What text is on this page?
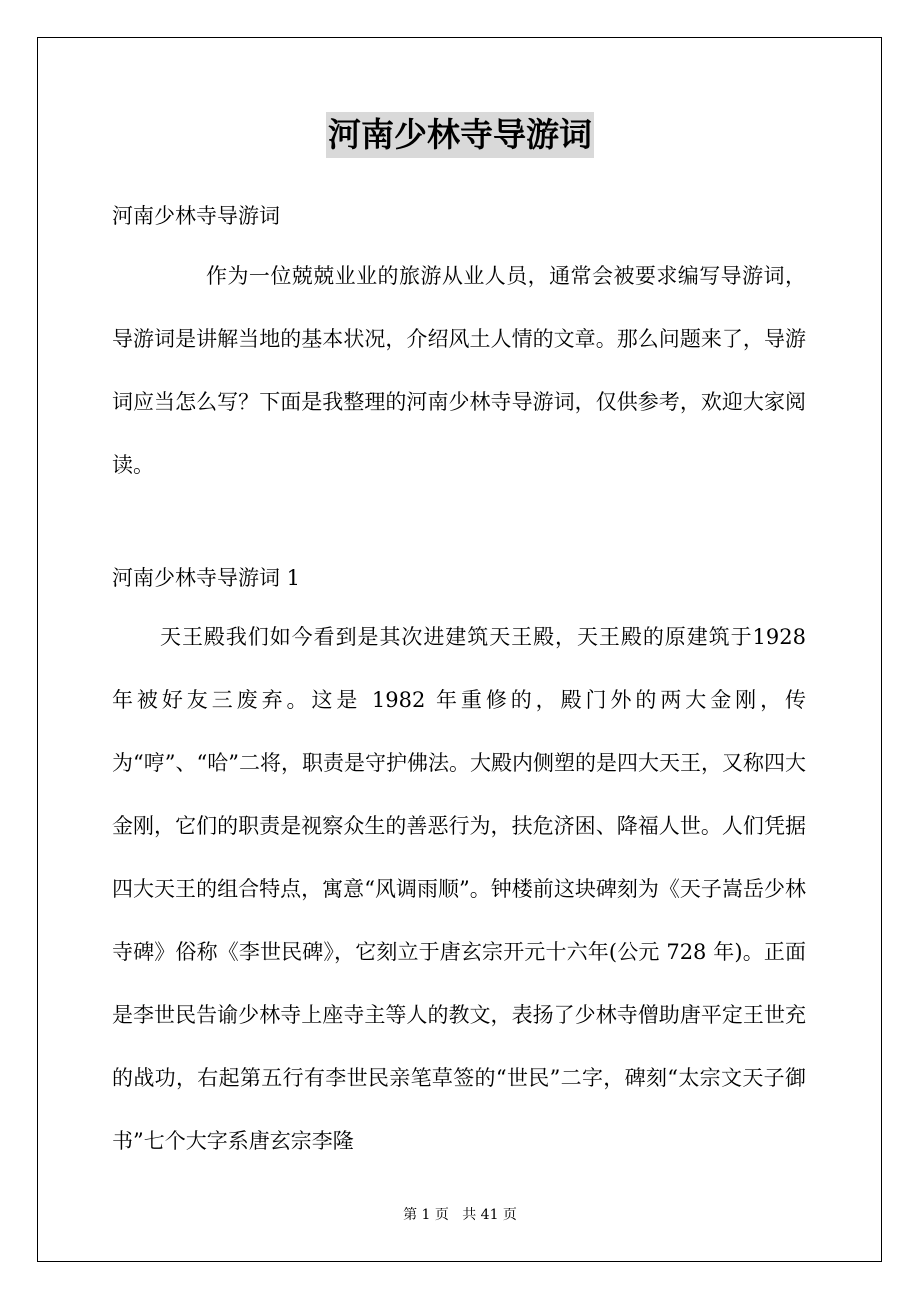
河南少林寺导游词
河南少林寺导游词
作为一位兢兢业业的旅游从业人员，通常会被要求编写导游词，导游词是讲解当地的基本状况，介绍风土人情的文章。那么问题来了，导游词应当怎么写？下面是我整理的河南少林寺导游词，仅供参考，欢迎大家阅读。
河南少林寺导游词 1
天王殿我们如今看到是其次进建筑天王殿，天王殿的原建筑于1928 年被好友三废弃。这是 1982 年重修的，殿门外的两大金刚，传为“哼”、“哈”二将，职责是守护佛法。大殿内侧塑的是四大天王，又称四大金刚，它们的职责是视察众生的善恶行为，扶危济困、降福人世。人们凭据四大天王的组合特点，寓意“风调雨顺”。钟楼前这块碑刻为《天子嵩岳少林寺碑》俗称《李世民碑》，它刻立于唐玄宗开元十六年(公元 728 年)。正面是李世民告谕少林寺上座寺主等人的教文，表扬了少林寺僧助唐平定王世充的战功，右起第五行有李世民亲笔草签的“世民”二字，碑刻“太宗文天子御书”七个大字系唐玄宗李隆
第 1 页   共 41 页
